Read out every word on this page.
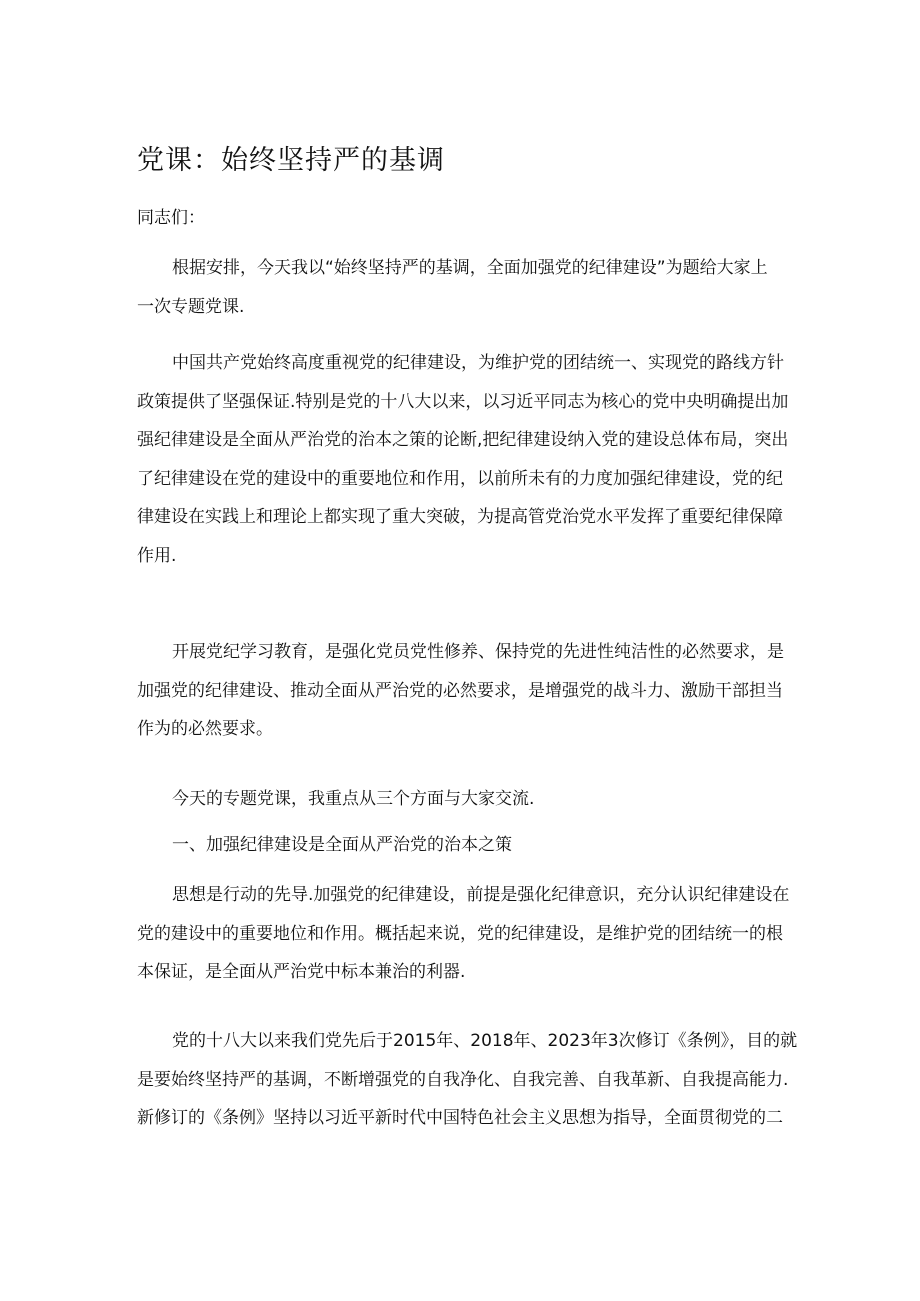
党课：始终坚持严的基调

同志们：

根据安排，今天我以“始终坚持严的基调，全面加强党的纪律建设”为题给大家上
一次专题党课.
中国共产党始终高度重视党的纪律建设，为维护党的团结统一、实现党的路线方针
政策提供了坚强保证.特别是党的十八大以来，以习近平同志为核心的党中央明确提出加
强纪律建设是全面从严治党的治本之策的论断,把纪律建设纳入党的建设总体布局，突出
了纪律建设在党的建设中的重要地位和作用，以前所未有的力度加强纪律建设，党的纪
律建设在实践上和理论上都实现了重大突破，为提高管党治党水平发挥了重要纪律保障
作用.
开展党纪学习教育，是强化党员党性修养、保持党的先进性纯洁性的必然要求，是
加强党的纪律建设、推动全面从严治党的必然要求，是增强党的战斗力、激励干部担当
作为的必然要求。
今天的专题党课，我重点从三个方面与大家交流.
一、加强纪律建设是全面从严治党的治本之策
思想是行动的先导.加强党的纪律建设，前提是强化纪律意识，充分认识纪律建设在
党的建设中的重要地位和作用。概括起来说，党的纪律建设，是维护党的团结统一的根
本保证，是全面从严治党中标本兼治的利器.
党的十八大以来我们党先后于2015年、2018年、2023年3次修订《条例》，目的就
是要始终坚持严的基调，不断增强党的自我净化、自我完善、自我革新、自我提高能力.
新修订的《条例》坚持以习近平新时代中国特色社会主义思想为指导，全面贯彻党的二
